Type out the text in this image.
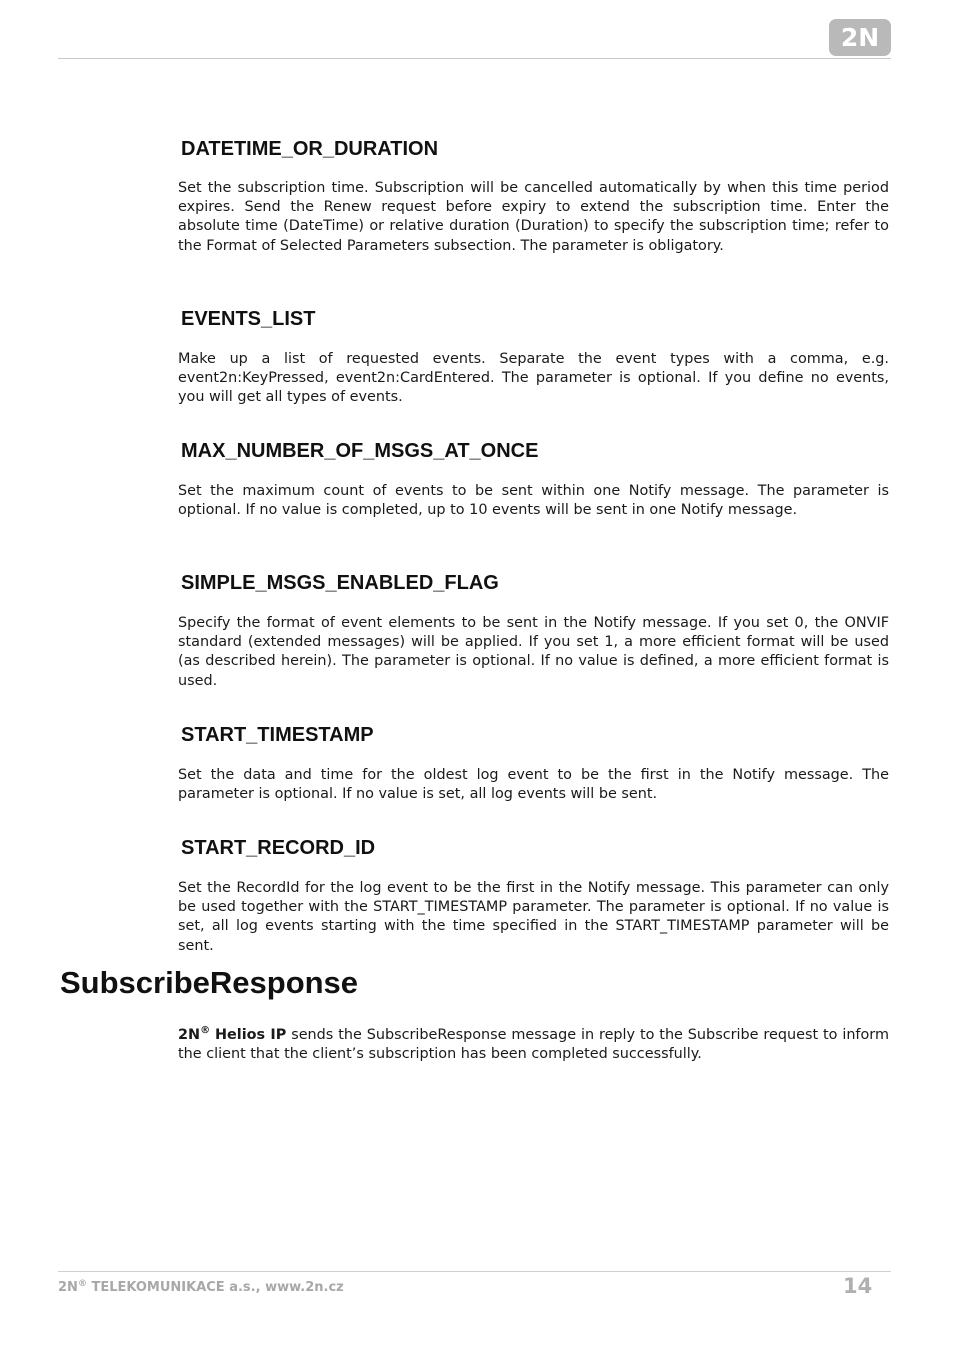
2N
DATETIME_OR_DURATION

Set the subscription time. Subscription will be cancelled automatically by when this time period expires. Send the Renew request before expiry to extend the subscription time. Enter the absolute time (DateTime) or relative duration (Duration) to specify the subscription time; refer to the Format of Selected Parameters subsection. The parameter is obligatory.

EVENTS_LIST

Make up a list of requested events. Separate the event types with a comma, e.g. event2n:KeyPressed, event2n:CardEntered. The parameter is optional. If you define no events, you will get all types of events.

MAX_NUMBER_OF_MSGS_AT_ONCE

Set the maximum count of events to be sent within one Notify message. The parameter is optional. If no value is completed, up to 10 events will be sent in one Notify message.

SIMPLE_MSGS_ENABLED_FLAG

Specify the format of event elements to be sent in the Notify message. If you set 0, the ONVIF standard (extended messages) will be applied. If you set 1, a more efficient format will be used (as described herein). The parameter is optional. If no value is defined, a more efficient format is used.

START_TIMESTAMP

Set the data and time for the oldest log event to be the first in the Notify message. The parameter is optional. If no value is set, all log events will be sent.

START_RECORD_ID

Set the RecordId for the log event to be the first in the Notify message. This parameter can only be used together with the START_TIMESTAMP parameter. The parameter is optional. If no value is set, all log events starting with the time specified in the START_TIMESTAMP parameter will be sent.

SubscribeResponse

2N® Helios IP sends the SubscribeResponse message in reply to the Subscribe request to inform the client that the client’s subscription has been completed successfully.

2N® TELEKOMUNIKACE a.s., www.2n.cz	14
